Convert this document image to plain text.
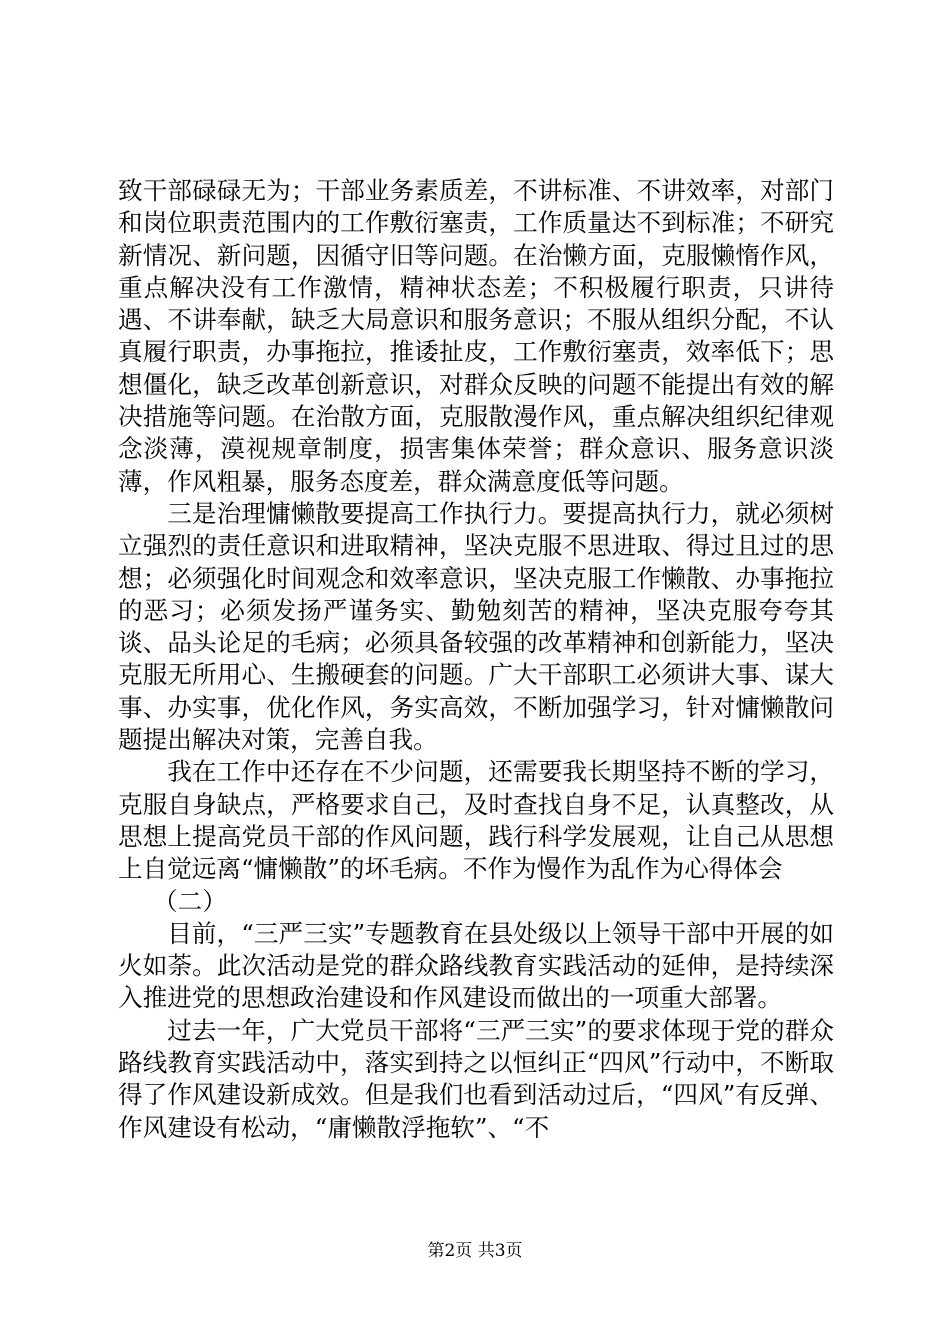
致干部碌碌无为；干部业务素质差，不讲标准、不讲效率，对部门和岗位职责范围内的工作敷衍塞责，工作质量达不到标准；不研究新情况、新问题，因循守旧等问题。在治懒方面，克服懒惰作风，重点解决没有工作激情，精神状态差；不积极履行职责，只讲待遇、不讲奉献，缺乏大局意识和服务意识；不服从组织分配，不认真履行职责，办事拖拉，推诿扯皮，工作敷衍塞责，效率低下；思想僵化，缺乏改革创新意识，对群众反映的问题不能提出有效的解决措施等问题。在治散方面，克服散漫作风，重点解决组织纪律观念淡薄，漠视规章制度，损害集体荣誉；群众意识、服务意识淡薄，作风粗暴，服务态度差，群众满意度低等问题。

三是治理慵懒散要提高工作执行力。要提高执行力，就必须树立强烈的责任意识和进取精神，坚决克服不思进取、得过且过的思想；必须强化时间观念和效率意识，坚决克服工作懒散、办事拖拉的恶习；必须发扬严谨务实、勤勉刻苦的精神，坚决克服夸夸其谈、品头论足的毛病；必须具备较强的改革精神和创新能力，坚决克服无所用心、生搬硬套的问题。广大干部职工必须讲大事、谋大事、办实事，优化作风，务实高效，不断加强学习，针对慵懒散问题提出解决对策，完善自我。

我在工作中还存在不少问题，还需要我长期坚持不断的学习，克服自身缺点，严格要求自己，及时查找自身不足，认真整改，从思想上提高党员干部的作风问题，践行科学发展观，让自己从思想上自觉远离“慵懒散”的坏毛病。不作为慢作为乱作为心得体会

（二）

目前，“三严三实”专题教育在县处级以上领导干部中开展的如火如荼。此次活动是党的群众路线教育实践活动的延伸，是持续深入推进党的思想政治建设和作风建设而做出的一项重大部署。

过去一年，广大党员干部将“三严三实”的要求体现于党的群众路线教育实践活动中，落实到持之以恒纠正“四风”行动中，不断取得了作风建设新成效。但是我们也看到活动过后，“四风”有反弹、作风建设有松动，“庸懒散浮拖软”、“不

第2页 共3页
